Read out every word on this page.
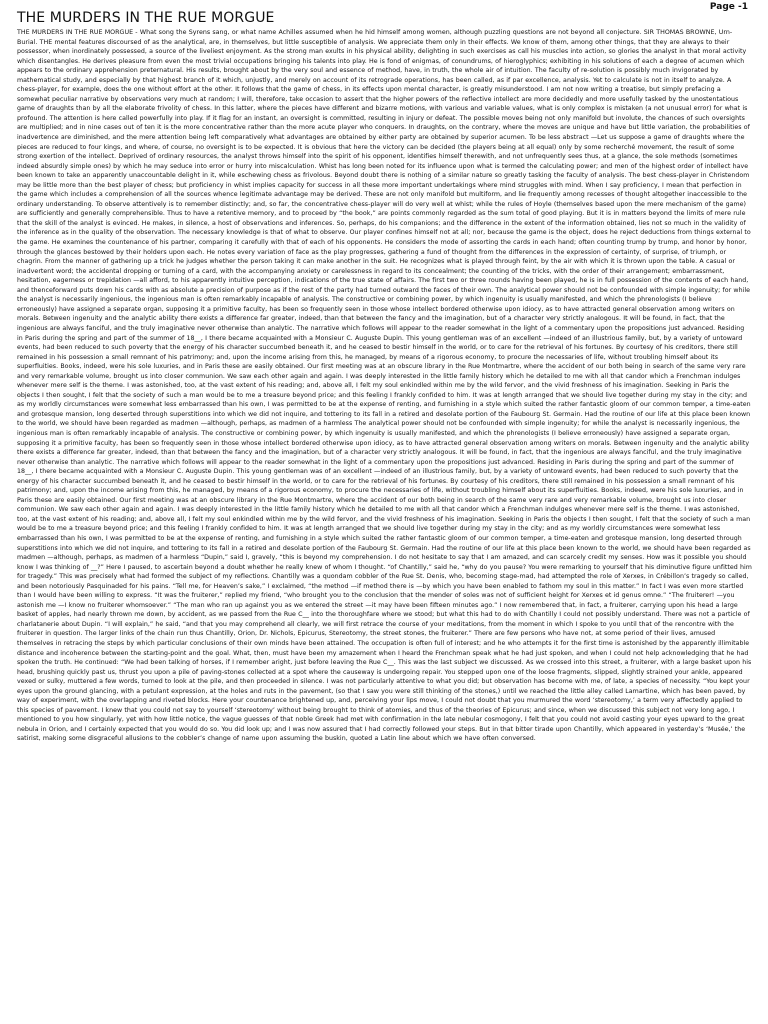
Page -1
THE MURDERS IN THE RUE MORGUE

THE MURDERS IN THE RUE MORGUE - What song the Syrens sang, or what name Achilles assumed when he hid himself among women, although puzzling questions are not beyond all conjecture. SIR THOMAS BROWNE, Urn-Burial. THE mental features discoursed of as the analytical, are, in themselves, but little susceptible of analysis. We appreciate them only in their effects. We know of them, among other things, that they are always to their possessor, when inordinately possessed, a source of the liveliest enjoyment. As the strong man exults in his physical ability, delighting in such exercises as call his muscles into action, so glories the analyst in that moral activity which disentangles. He derives pleasure from even the most trivial occupations bringing his talents into play. He is fond of enigmas, of conundrums, of hieroglyphics; exhibiting in his solutions of each a degree of acumen which appears to the ordinary apprehension preternatural. His results, brought about by the very soul and essence of method, have, in truth, the whole air of intuition. The faculty of re-solution is possibly much invigorated by mathematical study, and especially by that highest branch of it which, unjustly, and merely on account of its retrograde operations, has been called, as if par excellence, analysis. Yet to calculate is not in itself to analyze. A chess-player, for example, does the one without effort at the other. It follows that the game of chess, in its effects upon mental character, is greatly misunderstood. I am not now writing a treatise, but simply prefacing a somewhat peculiar narrative by observations very much at random; I will, therefore, take occasion to assert that the higher powers of the reflective intellect are more decidedly and more usefully tasked by the unostentatious game of draughts than by all the elaborate frivolity of chess. In this latter, where the pieces have different and bizarre motions, with various and variable values, what is only complex is mistaken (a not unusual error) for what is profound. The attention is here called powerfully into play. If it flag for an instant, an oversight is committed, resulting in injury or defeat. The possible moves being not only manifold but involute, the chances of such oversights are multiplied; and in nine cases out of ten it is the more concentrative rather than the more acute player who conquers. In draughts, on the contrary, where the moves are unique and have but little variation, the probabilities of inadvertence are diminished, and the mere attention being left comparatively what advantages are obtained by either party are obtained by superior acumen. To be less abstract —Let us suppose a game of draughts where the pieces are reduced to four kings, and where, of course, no oversight is to be expected. It is obvious that here the victory can be decided (the players being at all equal) only by some recherché movement, the result of some strong exertion of the intellect. Deprived of ordinary resources, the analyst throws himself into the spirit of his opponent, identifies himself therewith, and not unfrequently sees thus, at a glance, the sole methods (sometimes indeed absurdly simple ones) by which he may seduce into error or hurry into miscalculation. Whist has long been noted for its influence upon what is termed the calculating power; and men of the highest order of intellect have been known to take an apparently unaccountable delight in it, while eschewing chess as frivolous. Beyond doubt there is nothing of a similar nature so greatly tasking the faculty of analysis. The best chess-player in Christendom may be little more than the best player of chess; but proficiency in whist implies capacity for success in all these more important undertakings where mind struggles with mind. When I say proficiency, I mean that perfection in the game which includes a comprehension of all the sources whence legitimate advantage may be derived. These are not only manifold but multiform, and lie frequently among recesses of thought altogether inaccessible to the ordinary understanding. To observe attentively is to remember distinctly; and, so far, the concentrative chess-player will do very well at whist; while the rules of Hoyle (themselves based upon the mere mechanism of the game) are sufficiently and generally comprehensible. Thus to have a retentive memory, and to proceed by “the book,” are points commonly regarded as the sum total of good playing. But it is in matters beyond the limits of mere rule that the skill of the analyst is evinced. He makes, in silence, a host of observations and inferences. So, perhaps, do his companions; and the difference in the extent of the information obtained, lies not so much in the validity of the inference as in the quality of the observation. The necessary knowledge is that of what to observe. Our player confines himself not at all; nor, because the game is the object, does he reject deductions from things external to the game. He examines the countenance of his partner, comparing it carefully with that of each of his opponents. He considers the mode of assorting the cards in each hand; often counting trump by trump, and honor by honor, through the glances bestowed by their holders upon each. He notes every variation of face as the play progresses, gathering a fund of thought from the differences in the expression of certainty, of surprise, of triumph, or chagrin. From the manner of gathering up a trick he judges whether the person taking it can make another in the suit. He recognizes what is played through feint, by the air with which it is thrown upon the table. A casual or inadvertent word; the accidental dropping or turning of a card, with the accompanying anxiety or carelessness in regard to its concealment; the counting of the tricks, with the order of their arrangement; embarrassment, hesitation, eagerness or trepidation —all afford, to his apparently intuitive perception, indications of the true state of affairs. The first two or three rounds having been played, he is in full possession of the contents of each hand, and thenceforward puts down his cards with as absolute a precision of purpose as if the rest of the party had turned outward the faces of their own. The analytical power should not be confounded with simple ingenuity; for while the analyst is necessarily ingenious, the ingenious man is often remarkably incapable of analysis. The constructive or combining power, by which ingenuity is usually manifested, and which the phrenologists (I believe erroneously) have assigned a separate organ, supposing it a primitive faculty, has been so frequently seen in those whose intellect bordered otherwise upon idiocy, as to have attracted general observation among writers on morals. Between ingenuity and the analytic ability there exists a difference far greater, indeed, than that between the fancy and the imagination, but of a character very strictly analogous. It will be found, in fact, that the ingenious are always fanciful, and the truly imaginative never otherwise than analytic. The narrative which follows will appear to the reader somewhat in the light of a commentary upon the propositions just advanced. Residing in Paris during the spring and part of the summer of 18__, I there became acquainted with a Monsieur C. Auguste Dupin. This young gentleman was of an excellent —indeed of an illustrious family, but, by a variety of untoward events, had been reduced to such poverty that the energy of his character succumbed beneath it, and he ceased to bestir himself in the world, or to care for the retrieval of his fortunes. By courtesy of his creditors, there still remained in his possession a small remnant of his patrimony; and, upon the income arising from this, he managed, by means of a rigorous economy, to procure the necessaries of life, without troubling himself about its superfluities. Books, indeed, were his sole luxuries, and in Paris these are easily obtained. Our first meeting was at an obscure library in the Rue Montmartre, where the accident of our both being in search of the same very rare and very remarkable volume, brought us into closer communion. We saw each other again and again. I was deeply interested in the little family history which he detailed to me with all that candor which a Frenchman indulges whenever mere self is the theme. I was astonished, too, at the vast extent of his reading; and, above all, I felt my soul enkindled within me by the wild fervor, and the vivid freshness of his imagination. Seeking in Paris the objects I then sought, I felt that the society of such a man would be to me a treasure beyond price; and this feeling I frankly confided to him. It was at length arranged that we should live together during my stay in the city; and as my worldly circumstances were somewhat less embarrassed than his own, I was permitted to be at the expense of renting, and furnishing in a style which suited the rather fantastic gloom of our common temper, a time-eaten and grotesque mansion, long deserted through superstitions into which we did not inquire, and tottering to its fall in a retired and desolate portion of the Faubourg St. Germain. Had the routine of our life at this place been known to the world, we should have been regarded as madmen —although, perhaps, as madmen of a harmless The analytical power should not be confounded with simple ingenuity; for while the analyst is necessarily ingenious, the ingenious man is often remarkably incapable of analysis. The constructive or combining power, by which ingenuity is usually manifested, and which the phrenologists (I believe erroneously) have assigned a separate organ, supposing it a primitive faculty, has been so frequently seen in those whose intellect bordered otherwise upon idiocy, as to have attracted general observation among writers on morals. Between ingenuity and the analytic ability there exists a difference far greater, indeed, than that between the fancy and the imagination, but of a character very strictly analogous. It will be found, in fact, that the ingenious are always fanciful, and the truly imaginative never otherwise than analytic. The narrative which follows will appear to the reader somewhat in the light of a commentary upon the propositions just advanced. Residing in Paris during the spring and part of the summer of 18__, I there became acquainted with a Monsieur C. Auguste Dupin. This young gentleman was of an excellent —indeed of an illustrious family, but, by a variety of untoward events, had been reduced to such poverty that the energy of his character succumbed beneath it, and he ceased to bestir himself in the world, or to care for the retrieval of his fortunes. By courtesy of his creditors, there still remained in his possession a small remnant of his patrimony; and, upon the income arising from this, he managed, by means of a rigorous economy, to procure the necessaries of life, without troubling himself about its superfluities. Books, indeed, were his sole luxuries, and in Paris these are easily obtained. Our first meeting was at an obscure library in the Rue Montmartre, where the accident of our both being in search of the same very rare and very remarkable volume, brought us into closer communion. We saw each other again and again. I was deeply interested in the little family history which he detailed to me with all that candor which a Frenchman indulges whenever mere self is the theme. I was astonished, too, at the vast extent of his reading; and, above all, I felt my soul enkindled within me by the wild fervor, and the vivid freshness of his imagination. Seeking in Paris the objects I then sought, I felt that the society of such a man would be to me a treasure beyond price; and this feeling I frankly confided to him. It was at length arranged that we should live together during my stay in the city; and as my worldly circumstances were somewhat less embarrassed than his own, I was permitted to be at the expense of renting, and furnishing in a style which suited the rather fantastic gloom of our common temper, a time-eaten and grotesque mansion, long deserted through superstitions into which we did not inquire, and tottering to its fall in a retired and desolate portion of the Faubourg St. Germain. Had the routine of our life at this place been known to the world, we should have been regarded as madmen —although, perhaps, as madmen of a harmless “Dupin,” said I, gravely, “this is beyond my comprehension. I do not hesitate to say that I am amazed, and can scarcely credit my senses. How was it possible you should know I was thinking of __?” Here I paused, to ascertain beyond a doubt whether he really knew of whom I thought. “of Chantilly,” said he, “why do you pause? You were remarking to yourself that his diminutive figure unfitted him for tragedy.” This was precisely what had formed the subject of my reflections. Chantilly was a quondam cobbler of the Rue St. Denis, who, becoming stage-mad, had attempted the role of Xerxes, in Crébillon’s tragedy so called, and been notoriously Pasquinaded for his pains. “Tell me, for Heaven’s sake,” I exclaimed, “the method —if method there is —by which you have been enabled to fathom my soul in this matter.” In fact I was even more startled than I would have been willing to express. “It was the fruiterer,” replied my friend, “who brought you to the conclusion that the mender of soles was not of sufficient height for Xerxes et id genus omne.” “The fruiterer! —you astonish me —I know no fruiterer whomsoever.” “The man who ran up against you as we entered the street —it may have been fifteen minutes ago.” I now remembered that, in fact, a fruiterer, carrying upon his head a large basket of apples, had nearly thrown me down, by accident, as we passed from the Rue C__ into the thoroughfare where we stood; but what this had to do with Chantilly I could not possibly understand. There was not a particle of charlatanerie about Dupin. “I will explain,” he said, “and that you may comprehend all clearly, we will first retrace the course of your meditations, from the moment in which I spoke to you until that of the rencontre with the fruiterer in question. The larger links of the chain run thus Chantilly, Orion, Dr. Nichols, Epicurus, Stereotomy, the street stones, the fruiterer.” There are few persons who have not, at some period of their lives, amused themselves in retracing the steps by which particular conclusions of their own minds have been attained. The occupation is often full of interest; and he who attempts it for the first time is astonished by the apparently illimitable distance and incoherence between the starting-point and the goal. What, then, must have been my amazement when I heard the Frenchman speak what he had just spoken, and when I could not help acknowledging that he had spoken the truth. He continued: “We had been talking of horses, if I remember aright, just before leaving the Rue C__. This was the last subject we discussed. As we crossed into this street, a fruiterer, with a large basket upon his head, brushing quickly past us, thrust you upon a pile of paving-stones collected at a spot where the causeway is undergoing repair. You stepped upon one of the loose fragments, slipped, slightly strained your ankle, appeared vexed or sulky, muttered a few words, turned to look at the pile, and then proceeded in silence. I was not particularly attentive to what you did; but observation has become with me, of late, a species of necessity. “You kept your eyes upon the ground glancing, with a petulant expression, at the holes and ruts in the pavement, (so that I saw you were still thinking of the stones,) until we reached the little alley called Lamartine, which has been paved, by way of experiment, with the overlapping and riveted blocks. Here your countenance brightened up, and, perceiving your lips move, I could not doubt that you murmured the word ‘stereotomy,’ a term very affectedly applied to this species of pavement. I knew that you could not say to yourself ‘stereotomy’ without being brought to think of atomies, and thus of the theories of Epicurus; and since, when we discussed this subject not very long ago, I mentioned to you how singularly, yet with how little notice, the vague guesses of that noble Greek had met with confirmation in the late nebular cosmogony, I felt that you could not avoid casting your eyes upward to the great nebula in Orion, and I certainly expected that you would do so. You did look up; and I was now assured that I had correctly followed your steps. But in that bitter tirade upon Chantilly, which appeared in yesterday’s ‘Musée,’ the satirist, making some disgraceful allusions to the cobbler’s change of name upon assuming the buskin, quoted a Latin line about which we have often conversed.
